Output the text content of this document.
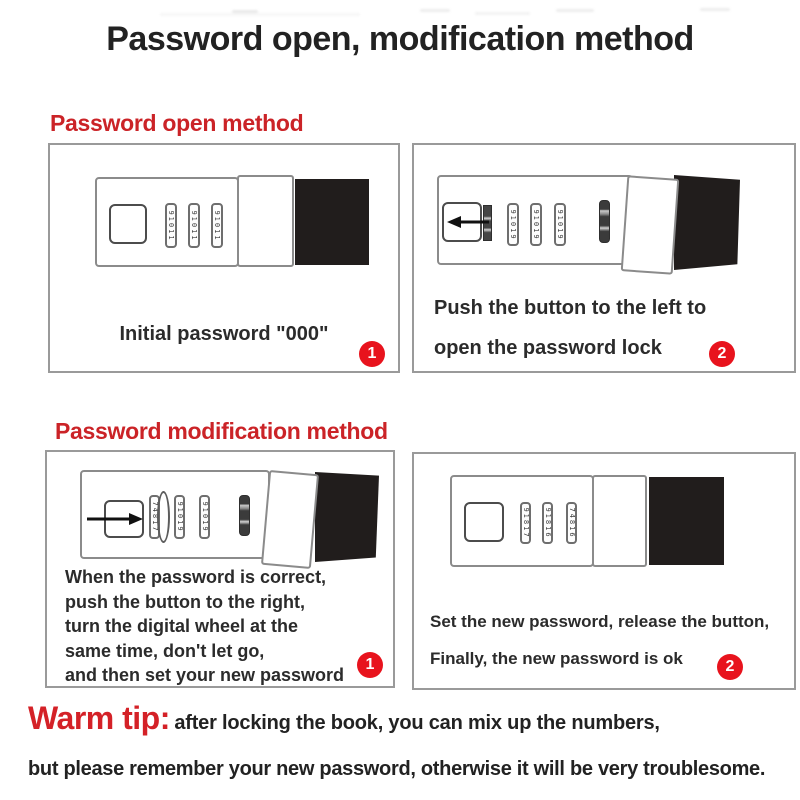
Password open, modification method
Password open method
91011 91011 91011
Initial password "000"
1
91019 91019 91019
Push the button to the left to
open the password lock	2
Password modification method
74817 91019 91019
When the password is correct,
push the button to the right,
turn the digital wheel at the
same time, don't let go,
and then set your new password
1
91817 91816 74816
Set the new password, release the button,
Finally, the new password is ok	2
Warm tip: after locking the book, you can mix up the numbers,
but please remember your new password, otherwise it will be very troublesome.
